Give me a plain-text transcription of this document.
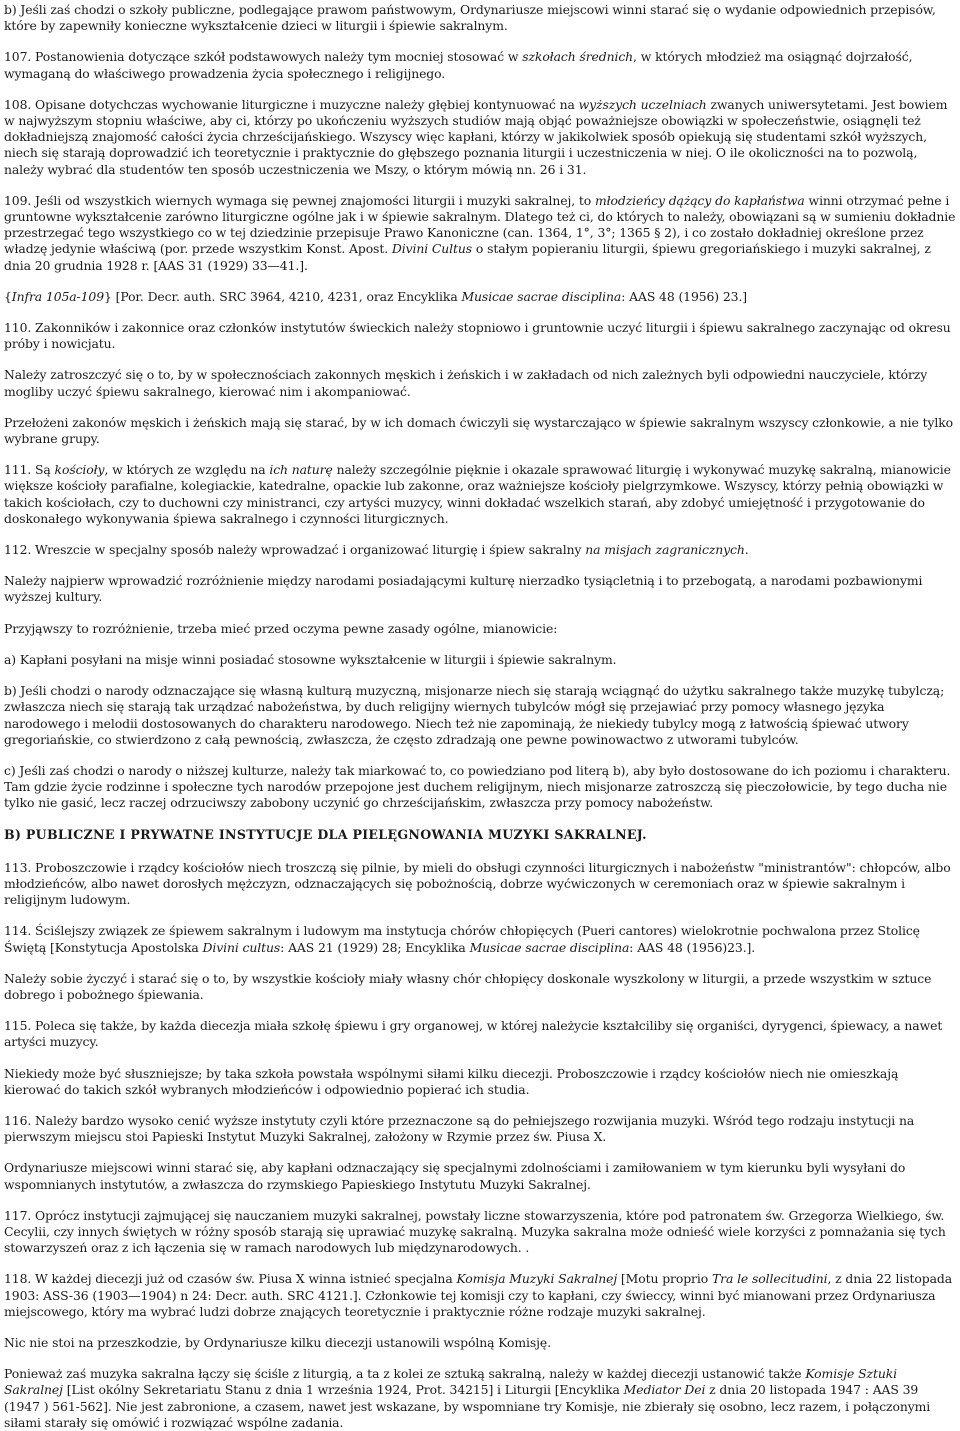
b) Jeśli zaś chodzi o szkoły publiczne, podlegające prawom państwowym, Ordynariusze miejscowi winni starać się o wydanie odpowiednich przepisów, które by zapewniły konieczne wykształcenie dzieci w liturgii i śpiewie sakralnym.

107. Postanowienia dotyczące szkół podstawowych należy tym mocniej stosować w szkołach średnich, w których młodzież ma osiągnąć dojrzałość, wymaganą do właściwego prowadzenia życia społecznego i religijnego.

108. Opisane dotychczas wychowanie liturgiczne i muzyczne należy głębiej kontynuować na wyższych uczelniach zwanych uniwersytetami. Jest bowiem w najwyższym stopniu właściwe, aby ci, którzy po ukończeniu wyższych studiów mają objąć poważniejsze obowiązki w społeczeństwie, osiągnęli też dokładniejszą znajomość całości życia chrześcijańskiego. Wszyscy więc kapłani, którzy w jakikolwiek sposób opiekują się studentami szkół wyższych, niech się starają doprowadzić ich teoretycznie i praktycznie do głębszego poznania liturgii i uczestniczenia w niej. O ile okoliczności na to pozwolą, należy wybrać dla studentów ten sposób uczestniczenia we Mszy, o którym mówią nn. 26 i 31.

109. Jeśli od wszystkich wiernych wymaga się pewnej znajomości liturgii i muzyki sakralnej, to młodzieńcy dążący do kapłaństwa winni otrzymać pełne i gruntowne wykształcenie zarówno liturgiczne ogólne jak i w śpiewie sakralnym. Dlatego też ci, do których to należy, obowiązani są w sumieniu dokładnie przestrzegać tego wszystkiego co w tej dziedzinie przepisuje Prawo Kanoniczne (can. 1364, 1°, 3°; 1365 § 2), i co zostało dokładniej określone przez władzę jedynie właściwą (por. przede wszystkim Konst. Apost. Divini Cultus o stałym popieraniu liturgii, śpiewu gregoriańskiego i muzyki sakralnej, z dnia 20 grudnia 1928 r. [AAS 31 (1929) 33—41.].

{Infra 105a-109} [Por. Decr. auth. SRC 3964, 4210, 4231, oraz Encyklika Musicae sacrae disciplina: AAS 48 (1956) 23.]

110. Zakonników i zakonnice oraz członków instytutów świeckich należy stopniowo i gruntownie uczyć liturgii i śpiewu sakralnego zaczynając od okresu próby i nowicjatu.

Należy zatroszczyć się o to, by w społecznościach zakonnych męskich i żeńskich i w zakładach od nich zależnych byli odpowiedni nauczyciele, którzy mogliby uczyć śpiewu sakralnego, kierować nim i akompaniować.

Przełożeni zakonów męskich i żeńskich mają się starać, by w ich domach ćwiczyli się wystarczająco w śpiewie sakralnym wszyscy członkowie, a nie tylko wybrane grupy.

111. Są kościoły, w których ze względu na ich naturę należy szczególnie pięknie i okazale sprawować liturgię i wykonywać muzykę sakralną, mianowicie większe kościoły parafialne, kolegiackie, katedralne, opackie lub zakonne, oraz ważniejsze kościoły pielgrzymkowe. Wszyscy, którzy pełnią obowiązki w takich kościołach, czy to duchowni czy ministranci, czy artyści muzycy, winni dokładać wszelkich starań, aby zdobyć umiejętność i przygotowanie do doskonałego wykonywania śpiewa sakralnego i czynności liturgicznych.

112. Wreszcie w specjalny sposób należy wprowadzać i organizować liturgię i śpiew sakralny na misjach zagranicznych.

Należy najpierw wprowadzić rozróżnienie między narodami posiadającymi kulturę nierzadko tysiącletnią i to przebogatą, a narodami pozbawionymi wyższej kultury.

Przyjąwszy to rozróżnienie, trzeba mieć przed oczyma pewne zasady ogólne, mianowicie:

a) Kapłani posyłani na misje winni posiadać stosowne wykształcenie w liturgii i śpiewie sakralnym.

b) Jeśli chodzi o narody odznaczające się własną kulturą muzyczną, misjonarze niech się starają wciągnąć do użytku sakralnego także muzykę tubylczą; zwłaszcza niech się starają tak urządzać nabożeństwa, by duch religijny wiernych tubylców mógł się przejawiać przy pomocy własnego języka narodowego i melodii dostosowanych do charakteru narodowego. Niech też nie zapominają, że niekiedy tubylcy mogą z łatwością śpiewać utwory gregoriańskie, co stwierdzono z całą pewnością, zwłaszcza, że często zdradzają one pewne powinowactwo z utworami tubylców.

c) Jeśli zaś chodzi o narody o niższej kulturze, należy tak miarkować to, co powiedziano pod literą b), aby było dostosowane do ich poziomu i charakteru. Tam gdzie życie rodzinne i społeczne tych narodów przepojone jest duchem religijnym, niech misjonarze zatroszczą się pieczołowicie, by tego ducha nie tylko nie gasić, lecz raczej odrzuciwszy zabobony uczynić go chrześcijańskim, zwłaszcza przy pomocy nabożeństw.

B) PUBLICZNE I PRYWATNE INSTYTUCJE DLA PIELĘGNOWANIA MUZYKI SAKRALNEJ.

113. Proboszczowie i rządcy kościołów niech troszczą się pilnie, by mieli do obsługi czynności liturgicznych i nabożeństw "ministrantów": chłopców, albo młodzieńców, albo nawet dorosłych mężczyzn, odznaczających się pobożnością, dobrze wyćwiczonych w ceremoniach oraz w śpiewie sakralnym i religijnym ludowym.

114. Ściślejszy związek ze śpiewem sakralnym i ludowym ma instytucja chórów chłopięcych (Pueri cantores) wielokrotnie pochwalona przez Stolicę Świętą [Konstytucja Apostolska Divini cultus: AAS 21 (1929) 28; Encyklika Musicae sacrae disciplina: AAS 48 (1956)23.].

Należy sobie życzyć i starać się o to, by wszystkie kościoły miały własny chór chłopięcy doskonale wyszkolony w liturgii, a przede wszystkim w sztuce dobrego i pobożnego śpiewania.

115. Poleca się także, by każda diecezja miała szkołę śpiewu i gry organowej, w której należycie kształciliby się organiści, dyrygenci, śpiewacy, a nawet artyści muzycy.

Niekiedy może być słuszniejsze; by taka szkoła powstała wspólnymi siłami kilku diecezji. Proboszczowie i rządcy kościołów niech nie omieszkają kierować do takich szkół wybranych młodzieńców i odpowiednio popierać ich studia.

116. Należy bardzo wysoko cenić wyższe instytuty czyli które przeznaczone są do pełniejszego rozwijania muzyki. Wśród tego rodzaju instytucji na pierwszym miejscu stoi Papieski Instytut Muzyki Sakralnej, założony w Rzymie przez św. Piusa X.

Ordynariusze miejscowi winni starać się, aby kapłani odznaczający się specjalnymi zdolnościami i zamiłowaniem w tym kierunku byli wysyłani do wspomnianych instytutów, a zwłaszcza do rzymskiego Papieskiego Instytutu Muzyki Sakralnej.

117. Oprócz instytucji zajmującej się nauczaniem muzyki sakralnej, powstały liczne stowarzyszenia, które pod patronatem św. Grzegorza Wielkiego, św. Cecylii, czy innych świętych w różny sposób starają się uprawiać muzykę sakralną. Muzyka sakralna może odnieść wiele korzyści z pomnażania się tych stowarzyszeń oraz z ich łączenia się w ramach narodowych lub międzynarodowych. .

118. W każdej diecezji już od czasów św. Piusa X winna istnieć specjalna Komisja Muzyki Sakralnej [Motu proprio Tra le sollecitudini, z dnia 22 listopada 1903: ASS-36 (1903—1904) n 24: Decr. auth. SRC 4121.]. Członkowie tej komisji czy to kapłani, czy świeccy, winni być mianowani przez Ordynariusza miejscowego, który ma wybrać ludzi dobrze znających teoretycznie i praktycznie różne rodzaje muzyki sakralnej.

Nic nie stoi na przeszkodzie, by Ordynariusze kilku diecezji ustanowili wspólną Komisję.

Ponieważ zaś muzyka sakralna łączy się ściśle z liturgią, a ta z kolei ze sztuką sakralną, należy w każdej diecezji ustanowić także Komisje Sztuki Sakralnej [List okólny Sekretariatu Stanu z dnia 1 września 1924, Prot. 34215] i Liturgii [Encyklika Mediator Dei z dnia 20 listopada 1947 : AAS 39 (1947 ) 561-562]. Nie jest zabronione, a czasem, nawet jest wskazane, by wspomniane try Komisje, nie zbierały się osobno, lecz razem, i połączonymi siłami starały się omówić i rozwiązać wspólne zadania.
